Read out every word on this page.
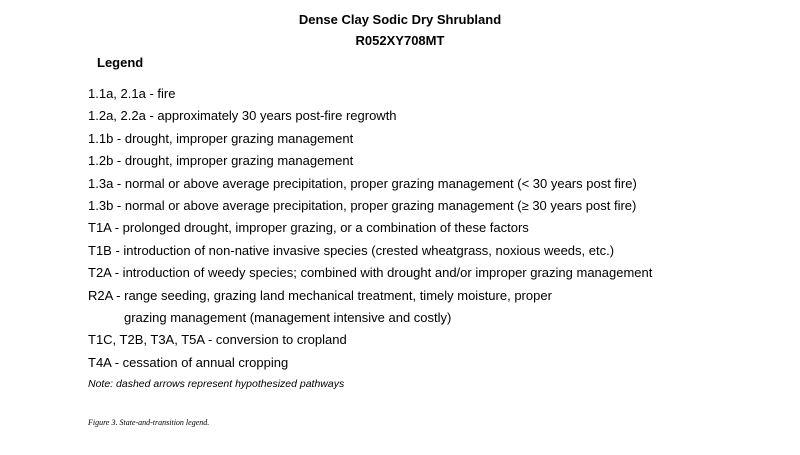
Dense Clay Sodic Dry Shrubland
R052XY708MT
Legend
1.1a, 2.1a - fire
1.2a, 2.2a - approximately 30 years post-fire regrowth
1.1b - drought, improper grazing management
1.2b - drought, improper grazing management
1.3a - normal or above average precipitation, proper grazing management (< 30 years post fire)
1.3b - normal or above average precipitation, proper grazing management (≥ 30 years post fire)
T1A - prolonged drought, improper grazing, or a combination of these factors
T1B - introduction of non-native invasive species (crested wheatgrass, noxious weeds, etc.)
T2A - introduction of weedy species; combined with drought and/or improper grazing management
R2A - range seeding, grazing land mechanical treatment, timely moisture, proper
grazing management (management intensive and costly)
T1C, T2B, T3A, T5A - conversion to cropland
T4A - cessation of annual cropping
Note: dashed arrows represent hypothesized pathways
Figure 3. State-and-transition legend.
